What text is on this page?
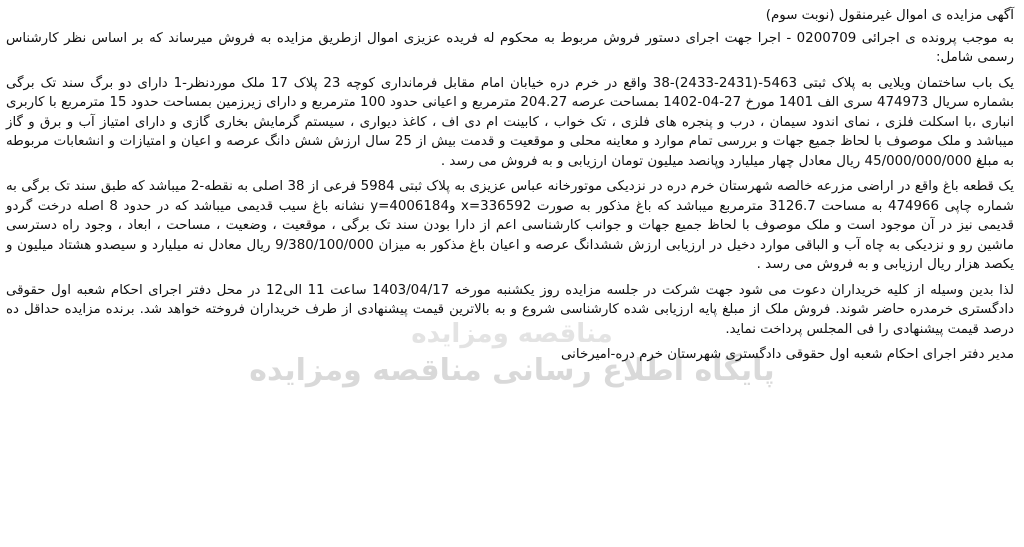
مناقصه ومزایده
پایگاه اطلاع رسانی مناقصه ومزایده

آگهی مزایده ی اموال غیرمنقول (نوبت سوم)

به موجب پرونده ی اجرائی 0200709 - اجرا جهت اجرای دستور فروش مربوط به محکوم له فریده عزیزی اموال ازطریق مزایده به فروش میرساند که بر اساس نظر کارشناس رسمی شامل:

یک باب ساختمان ویلایی به پلاک ثبتی 5463-(2431-2433)-38 واقع در خرم دره خیابان امام مقابل فرمانداری کوچه 23 پلاک 17 ملک موردنظر-1 دارای دو برگ سند تک برگی بشماره سریال 474973 سری الف 1401 مورخ 27-04-1402 بمساحت عرصه 204.27 مترمربع و اعیانی حدود 100 مترمربع و دارای زیرزمین بمساحت حدود 15 مترمربع با کاربری انباری ،با اسکلت فلزی ، نمای اندود سیمان ، درب و پنجره های فلزی ، تک خواب ، کابینت ام دی اف ، کاغذ دیواری ، سیستم گرمایش بخاری گازی و دارای امتیاز آب و برق و گاز میباشد و ملک موصوف با لحاظ جمیع جهات و بررسی تمام موارد و معاینه محلی و موقعیت و قدمت بیش از 25 سال ارزش شش دانگ عرصه و اعیان و امتیازات و انشعابات مربوطه به مبلغ 45/000/000/000 ریال معادل چهار میلیارد وپانصد میلیون تومان ارزیابی و به فروش می رسد .

یک قطعه باغ واقع در اراضی مزرعه خالصه شهرستان خرم دره در نزدیکی موتورخانه عباس عزیزی به پلاک ثبتی 5984 فرعی از 38 اصلی به نقطه-2 میباشد که طبق سند تک برگی به شماره چاپی 474966 به مساحت 3126.7 مترمربع میباشد که باغ مذکور به صورت x=336592 وy=4006184 نشانه باغ سیب قدیمی میباشد که در حدود 8 اصله درخت گردو قدیمی نیز در آن موجود است و ملک موصوف با لحاظ جمیع جهات و جوانب کارشناسی اعم از دارا بودن سند تک برگی ، موقعیت ، وضعیت ، مساحت ، ابعاد ، وجود راه دسترسی ماشین رو و نزدیکی به چاه آب و الباقی موارد دخیل در ارزیابی ارزش ششدانگ عرصه و اعیان باغ مذکور به میزان 9/380/100/000 ریال معادل نه میلیارد و سیصدو هشتاد میلیون و یکصد هزار ریال ارزیابی و به فروش می رسد .

لذا بدین وسیله از کلیه خریداران دعوت می شود جهت شرکت در جلسه مزایده روز یکشنبه مورخه 1403/04/17 ساعت 11 الی12 در محل دفتر اجرای احکام شعبه اول حقوقی دادگستری خرمدره حاضر شوند. فروش ملک از مبلغ پایه ارزیابی شده کارشناسی شروع و به بالاترین قیمت پیشنهادی از طرف خریداران فروخته خواهد شد. برنده مزایده حداقل ده درصد قیمت پیشنهادی را فی المجلس پرداخت نماید.

مدیر دفتر اجرای احکام شعبه اول حقوقی دادگستری شهرستان خرم دره-امیرخانی
